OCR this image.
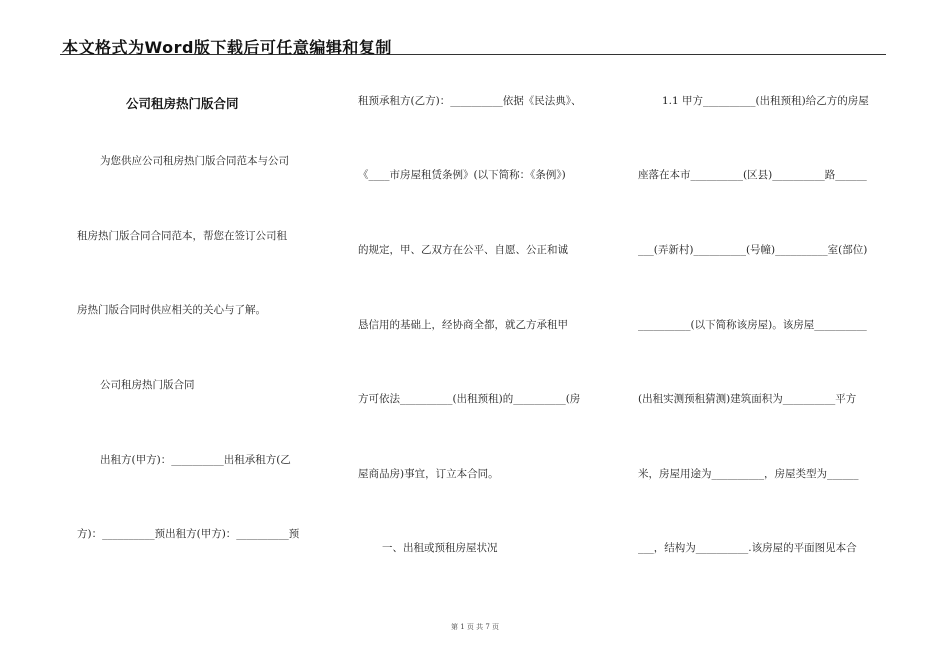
本文格式为Word版下载后可任意编辑和复制
公司租房热门版合同
为您供应公司租房热门版合同范本与公司
租房热门版合同合同范本，帮您在签订公司租
房热门版合同时供应相关的关心与了解。
公司租房热门版合同
出租方(甲方)：__________出租承租方(乙
方)：__________预出租方(甲方)：__________预
租预承租方(乙方)：__________依据《民法典》、
《____市房屋租赁条例》(以下简称：《条例》)
的规定，甲、乙双方在公平、自愿、公正和诚
恳信用的基础上，经协商全都，就乙方承租甲
方可依法__________(出租预租)的__________(房
屋商品房)事宜，订立本合同。
一、出租或预租房屋状况
1.1 甲方__________(出租预租)给乙方的房屋
座落在本市__________(区县)__________路______
___(弄新村)__________(号幢)__________室(部位)
__________(以下简称该房屋)。该房屋__________
(出租实测预租猜测)建筑面积为__________平方
米，房屋用途为__________，房屋类型为______
___，结构为__________.该房屋的平面图见本合
第 1 页 共 7 页
